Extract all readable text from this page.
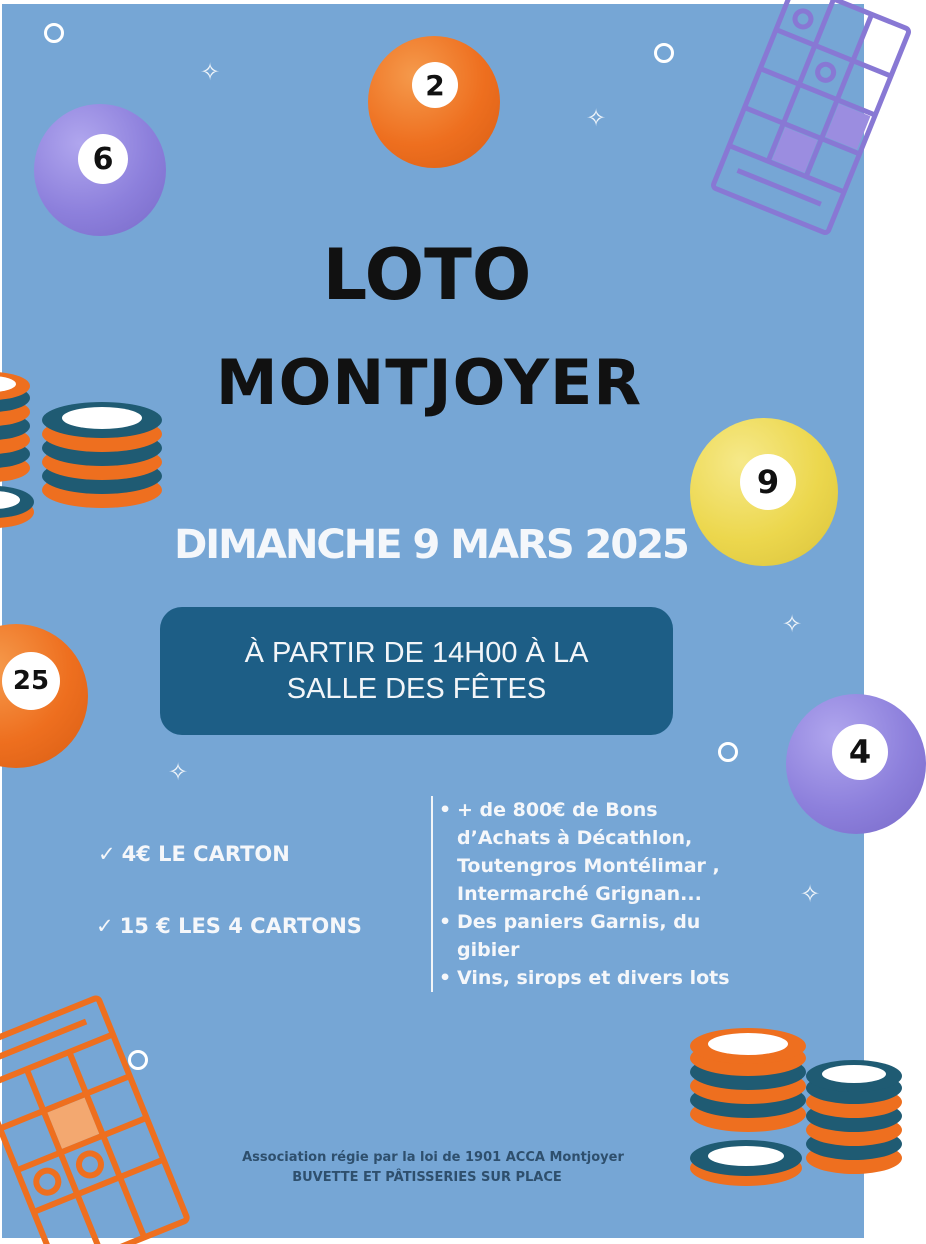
2
6
9
25
4
✧
✧
✧
✧
✧
LOTO
MONTJOYER
DIMANCHE 9 MARS 2025
À PARTIR DE 14H00 À LA
SALLE DES FÊTES
✓ 4€ LE CARTON
✓ 15 € LES 4 CARTONS
• + de 800€ de Bons
d’Achats à Décathlon,
Toutengros Montélimar ,
Intermarché Grignan...
• Des paniers Garnis, du
gibier
• Vins, sirops et divers lots
Association régie par la loi de 1901 ACCA Montjoyer
BUVETTE ET PÂTISSERIES SUR PLACE
